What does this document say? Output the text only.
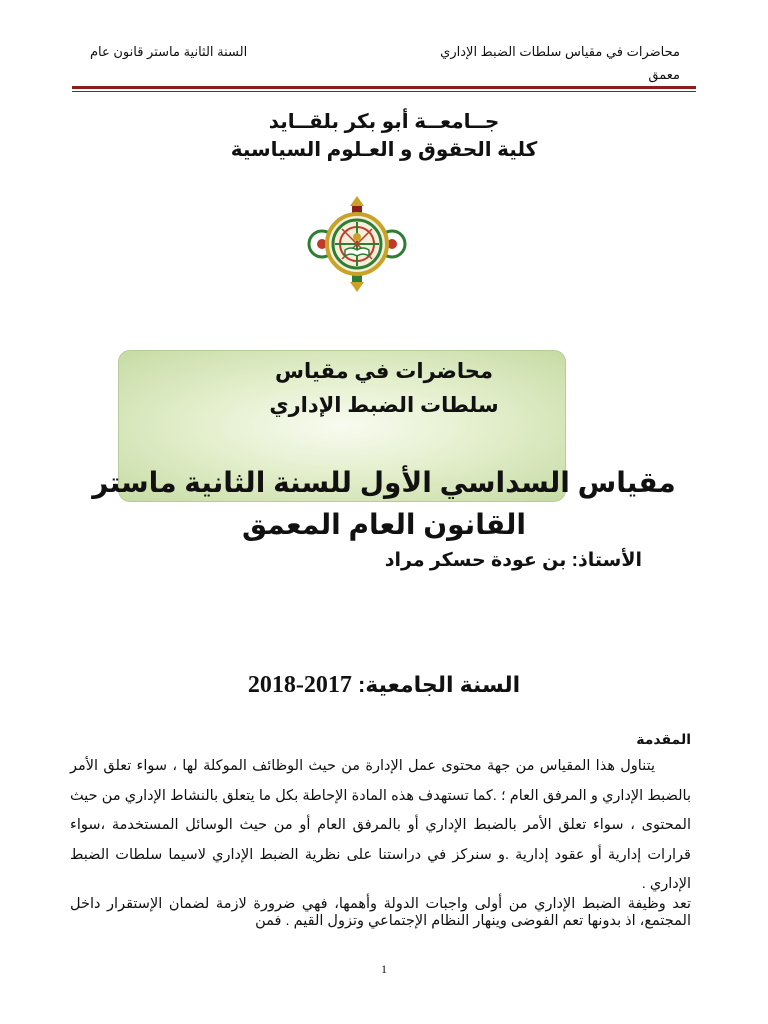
محاضرات في مقياس سلطات الضبط الإداري معمق
السنة الثانية ماستر قانون عام
جــامعــة أبو بكر بلقــايد
كلية الحقوق و العـلوم السياسية
محاضرات في مقياس
سلطات الضبط الإداري
مقياس السداسي الأول للسنة الثانية ماستر
القانون العام المعمق
الأستاذ: بن عودة حسكر مراد
السنة الجامعية: 2017-2018
المقدمة
يتناول هذا المقياس من جهة محتوى عمل الإدارة من حيث الوظائف الموكلة لها ، سواء تعلق الأمر بالضبط الإداري و المرفق العام ؛ .كما تستهدف هذه المادة الإحاطة بكل ما يتعلق بالنشاط الإداري من حيث المحتوى ، سواء تعلق الأمر بالضبط الإداري أو بالمرفق العام أو من حيث الوسائل المستخدمة ،سواء قرارات إدارية أو عقود إدارية .و سنركز في دراستنا على نظرية الضبط الإداري لاسيما سلطات الضبط الإداري .
تعد وظيفة الضبط الإداري من أولى واجبات الدولة وأهمها، فهي ضرورة لازمة لضمان الإستقرار داخل المجتمع، اذ بدونها تعم الفوضى وينهار النظام الإجتماعي وتزول القيم . فمن
1
